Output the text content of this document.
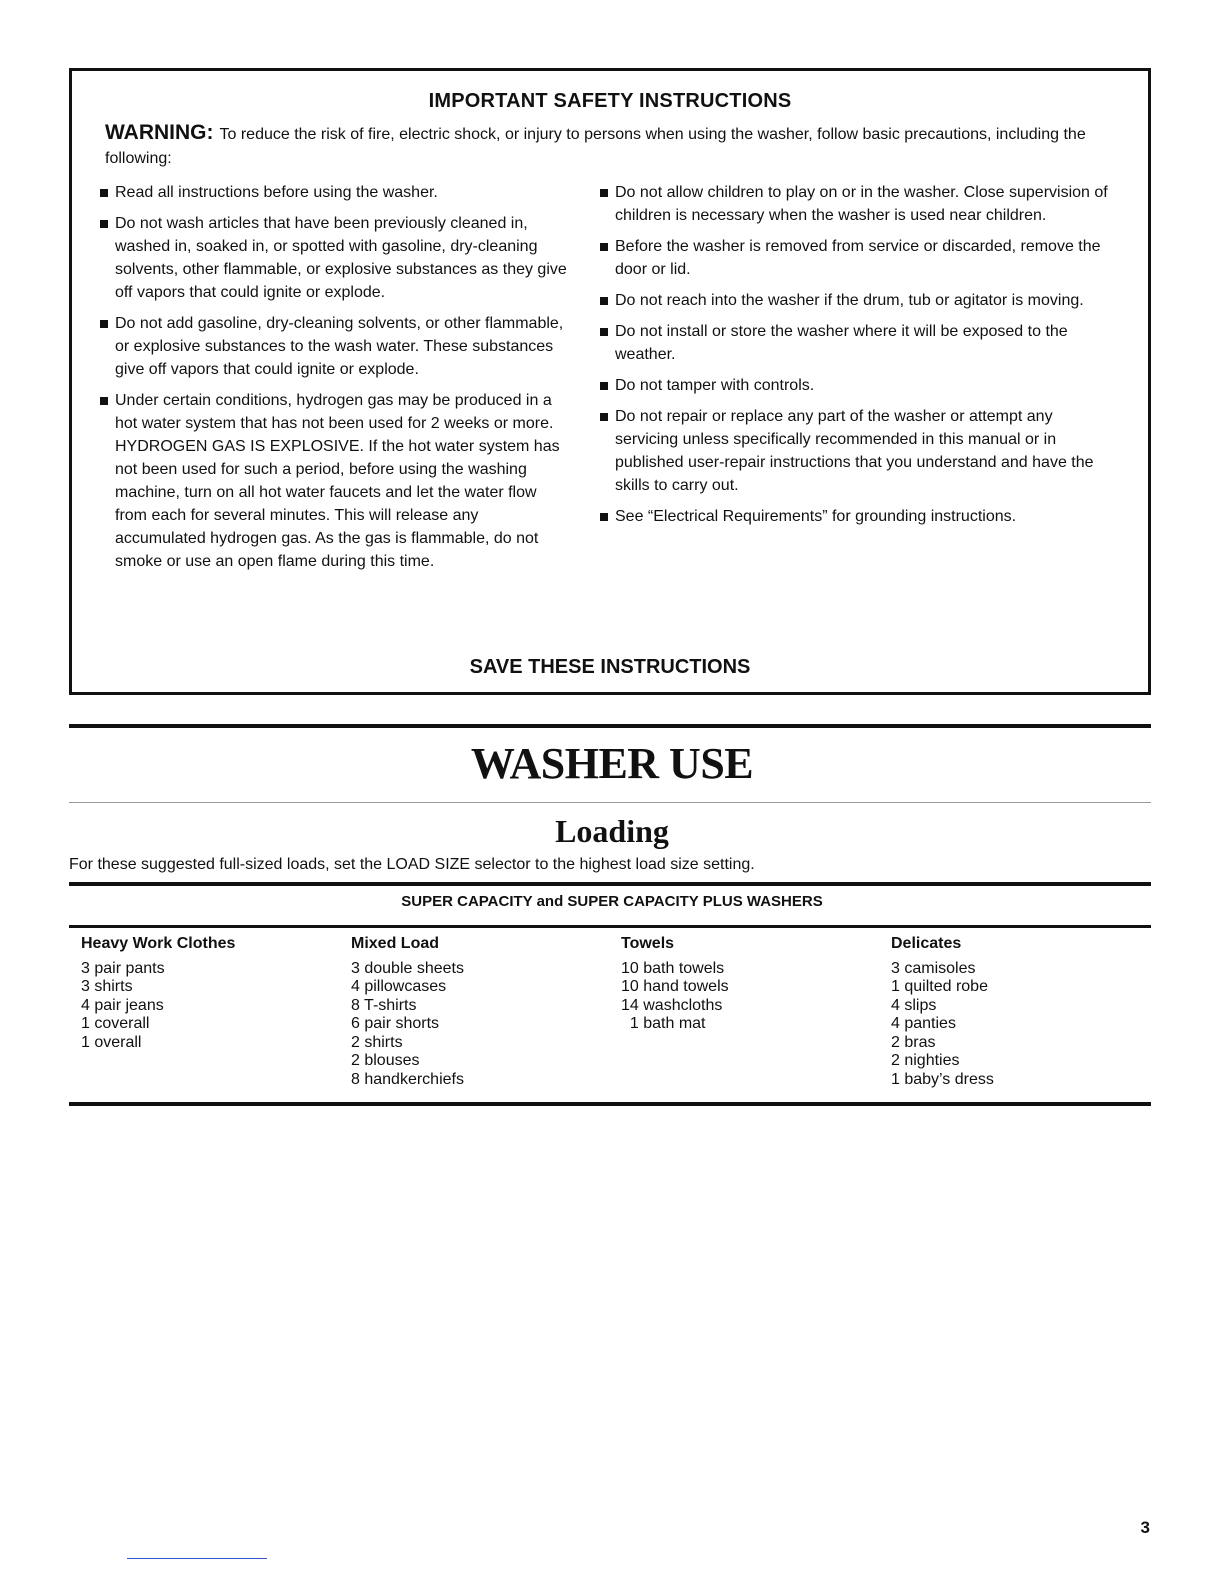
IMPORTANT SAFETY INSTRUCTIONS
WARNING: To reduce the risk of fire, electric shock, or injury to persons when using the washer, follow basic precautions, including the following:
Read all instructions before using the washer.
Do not wash articles that have been previously cleaned in, washed in, soaked in, or spotted with gasoline, dry-cleaning solvents, other flammable, or explosive substances as they give off vapors that could ignite or explode.
Do not add gasoline, dry-cleaning solvents, or other flammable, or explosive substances to the wash water. These substances give off vapors that could ignite or explode.
Under certain conditions, hydrogen gas may be produced in a hot water system that has not been used for 2 weeks or more. HYDROGEN GAS IS EXPLOSIVE. If the hot water system has not been used for such a period, before using the washing machine, turn on all hot water faucets and let the water flow from each for several minutes. This will release any accumulated hydrogen gas. As the gas is flammable, do not smoke or use an open flame during this time.
Do not allow children to play on or in the washer. Close supervision of children is necessary when the washer is used near children.
Before the washer is removed from service or discarded, remove the door or lid.
Do not reach into the washer if the drum, tub or agitator is moving.
Do not install or store the washer where it will be exposed to the weather.
Do not tamper with controls.
Do not repair or replace any part of the washer or attempt any servicing unless specifically recommended in this manual or in published user-repair instructions that you understand and have the skills to carry out.
See “Electrical Requirements” for grounding instructions.
SAVE THESE INSTRUCTIONS
WASHER USE
Loading
For these suggested full-sized loads, set the LOAD SIZE selector to the highest load size setting.
SUPER CAPACITY and SUPER CAPACITY PLUS WASHERS
Heavy Work Clothes
3 pair pants
3 shirts
4 pair jeans
1 coverall
1 overall
Mixed Load
3 double sheets
4 pillowcases
8 T-shirts
6 pair shorts
2 shirts
2 blouses
8 handkerchiefs
Towels
10 bath towels
10 hand towels
14 washcloths
1 bath mat
Delicates
3 camisoles
1 quilted robe
4 slips
4 panties
2 bras
2 nighties
1 baby’s dress
3
